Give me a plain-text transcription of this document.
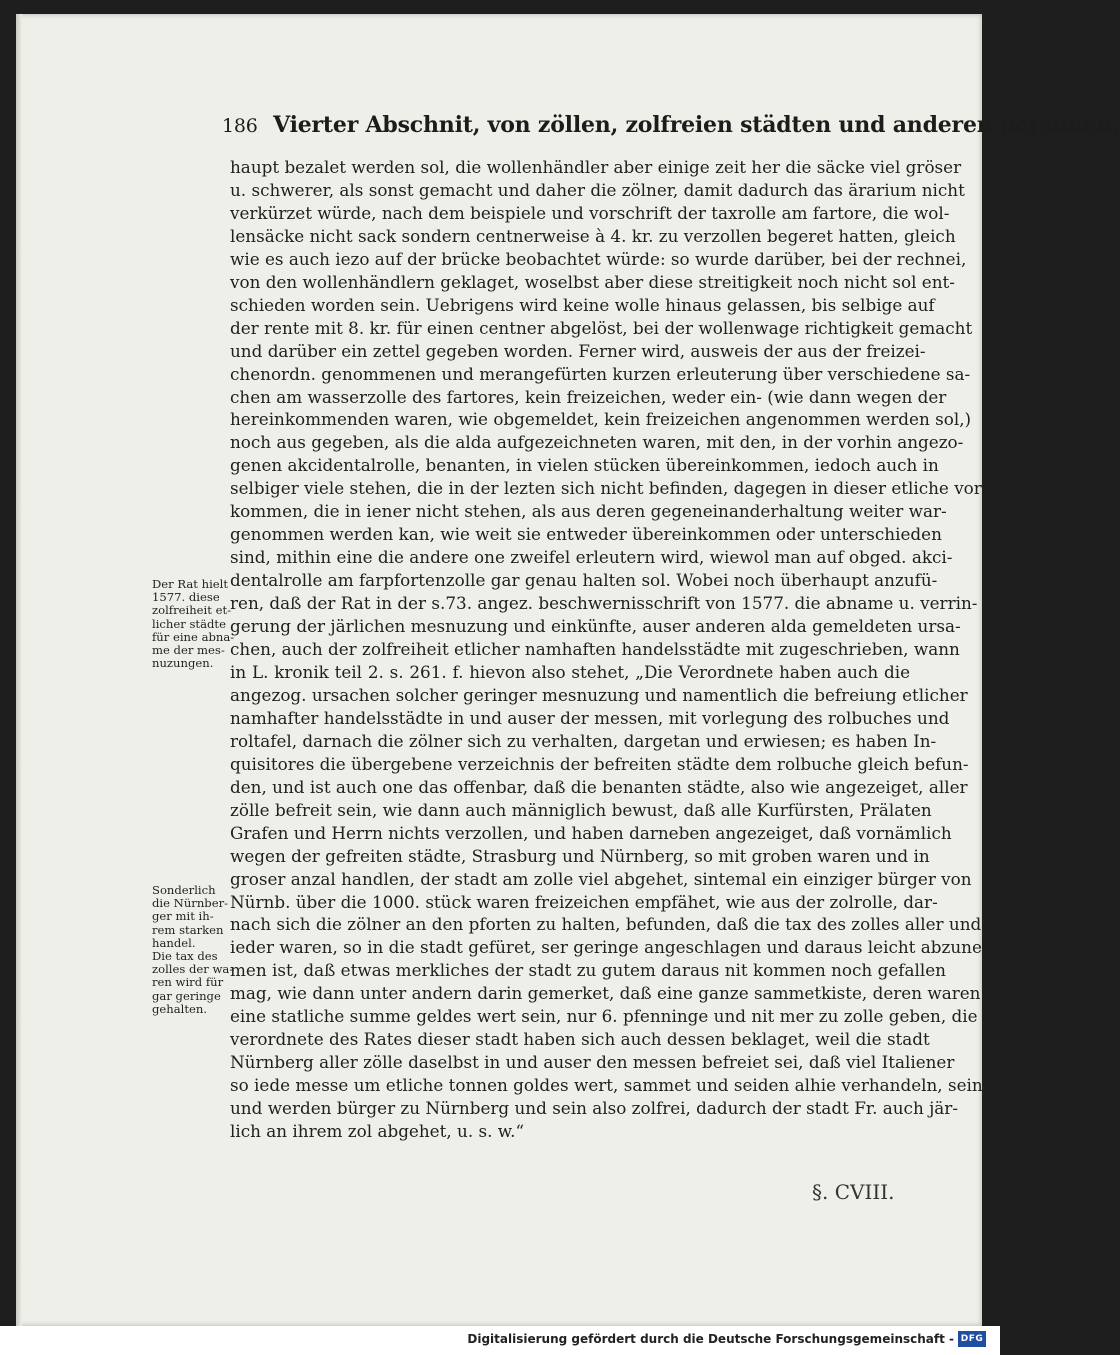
186 Vierter Abschnit, von zöllen, zolfreien städten und anderen personen,
haupt bezalet werden sol, die wollenhändler aber einige zeit her die säcke viel gröser
u. schwerer, als sonst gemacht und daher die zölner, damit dadurch das ärarium nicht
verkürzet würde, nach dem beispiele und vorschrift der taxrolle am fartore, die wol-
lensäcke nicht sack sondern centnerweise à 4. kr. zu verzollen begeret hatten, gleich
wie es auch iezo auf der brücke beobachtet würde: so wurde darüber, bei der rechnei,
von den wollenhändlern geklaget, woselbst aber diese streitigkeit noch nicht sol ent-
schieden worden sein. Uebrigens wird keine wolle hinaus gelassen, bis selbige auf
der rente mit 8. kr. für einen centner abgelöst, bei der wollenwage richtigkeit gemacht
und darüber ein zettel gegeben worden. Ferner wird, ausweis der aus der freizei-
chenordn. genommenen und merangefürten kurzen erleuterung über verschiedene sa-
chen am wasserzolle des fartores, kein freizeichen, weder ein- (wie dann wegen der
hereinkommenden waren, wie obgemeldet, kein freizeichen angenommen werden sol,)
noch aus gegeben, als die alda aufgezeichneten waren, mit den, in der vorhin angezo-
genen akcidentalrolle, benanten, in vielen stücken übereinkommen, iedoch auch in
selbiger viele stehen, die in der lezten sich nicht befinden, dagegen in dieser etliche vor-
kommen, die in iener nicht stehen, als aus deren gegeneinanderhaltung weiter war-
genommen werden kan, wie weit sie entweder übereinkommen oder unterschieden
sind, mithin eine die andere one zweifel erleutern wird, wiewol man auf obged. akci-
dentalrolle am farpfortenzolle gar genau halten sol. Wobei noch überhaupt anzufü-
ren, daß der Rat in der s.73. angez. beschwernisschrift von 1577. die abname u. verrin-
gerung der järlichen mesnuzung und einkünfte, auser anderen alda gemeldeten ursa-
chen, auch der zolfreiheit etlicher namhaften handelsstädte mit zugeschrieben, wann
in L. kronik teil 2. s. 261. f. hievon also stehet, „Die Verordnete haben auch die
angezog. ursachen solcher geringer mesnuzung und namentlich die befreiung etlicher
namhafter handelsstädte in und auser der messen, mit vorlegung des rolbuches und
roltafel, darnach die zölner sich zu verhalten, dargetan und erwiesen; es haben In-
quisitores die übergebene verzeichnis der befreiten städte dem rolbuche gleich befun-
den, und ist auch one das offenbar, daß die benanten städte, also wie angezeiget, aller
zölle befreit sein, wie dann auch männiglich bewust, daß alle Kurfürsten, Prälaten
Grafen und Herrn nichts verzollen, und haben darneben angezeiget, daß vornämlich
wegen der gefreiten städte, Strasburg und Nürnberg, so mit groben waren und in
groser anzal handlen, der stadt am zolle viel abgehet, sintemal ein einziger bürger von
Nürnb. über die 1000. stück waren freizeichen empfähet, wie aus der zolrolle, dar-
nach sich die zölner an den pforten zu halten, befunden, daß die tax des zolles aller und
ieder waren, so in die stadt gefüret, ser geringe angeschlagen und daraus leicht abzune-
men ist, daß etwas merkliches der stadt zu gutem daraus nit kommen noch gefallen
mag, wie dann unter andern darin gemerket, daß eine ganze sammetkiste, deren waren
eine statliche summe geldes wert sein, nur 6. pfenninge und nit mer zu zolle geben, die
verordnete des Rates dieser stadt haben sich auch dessen beklaget, weil die stadt
Nürnberg aller zölle daselbst in und auser den messen befreiet sei, daß viel Italiener
so iede messe um etliche tonnen goldes wert, sammet und seiden alhie verhandeln, sein
und werden bürger zu Nürnberg und sein also zolfrei, dadurch der stadt Fr. auch jär-
lich an ihrem zol abgehet, u. s. w.“
Der Rat hielt
1577. diese
zolfreiheit et-
licher städte
für eine abna-
me der mes-
nuzungen.
Sonderlich
die Nürnber-
ger mit ih-
rem starken
handel.
Die tax des
zolles der wa-
ren wird für
gar geringe
gehalten.
§. CVIII.
Digitalisierung gefördert durch die Deutsche Forschungsgemeinschaft - DFG
